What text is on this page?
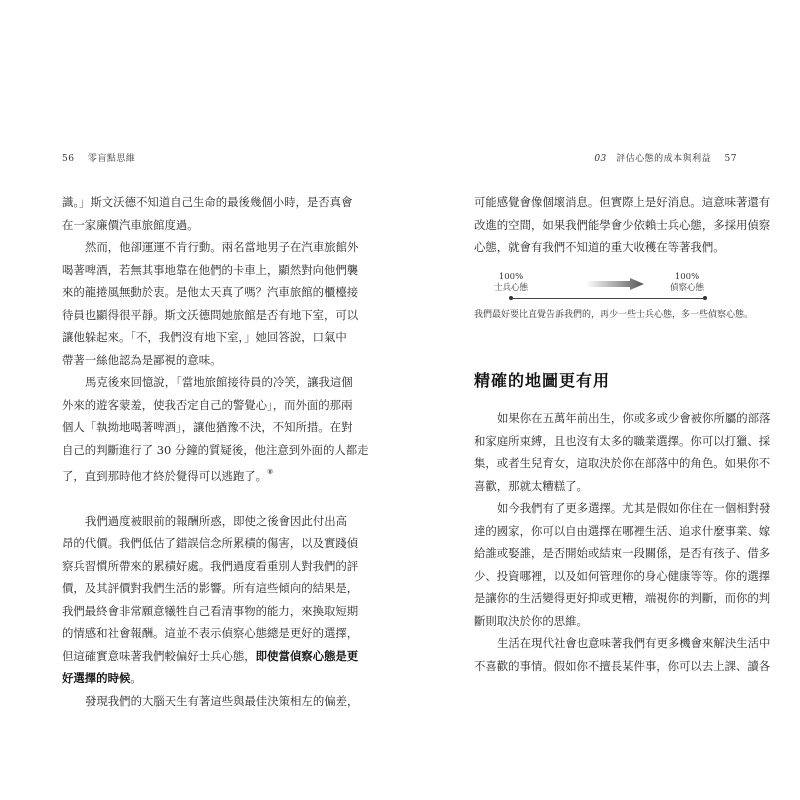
56 零盲點思維	03 評估心態的成本與利益 57

識。」斯文沃德不知道自己生命的最後幾個小時，是否真會

在一家廉價汽車旅館度過。

然而，他卻運運不肯行動。兩名當地男子在汽車旅館外

喝著啤酒，若無其事地靠在他們的卡車上，顯然對向他們襲

來的龍捲風無動於衷。是他太天真了嗎？汽車旅館的櫃檯接

待員也顯得很平靜。斯文沃德問她旅館是否有地下室，可以

讓他躲起來。「不，我們沒有地下室，」她回答說，口氣中

帶著一絲他認為是鄙視的意味。

馬克後來回憶說，「當地旅館接待員的冷笑，讓我這個

外來的遊客蒙羞，使我否定自己的警覺心」，而外面的那兩

個人「執拗地喝著啤酒」，讓他猶豫不決，不知所措。在對

自己的判斷進行了 30 分鐘的質疑後，他注意到外面的人都走

了，直到那時他才終於覺得可以逃跑了。⑧

我們過度被眼前的報酬所惑，即使之後會因此付出高

昂的代價。我們低估了錯誤信念所累積的傷害，以及實踐偵

察兵習慣所帶來的累積好處。我們過度看重別人對我們的評

價，及其評價對我們生活的影響。所有這些傾向的結果是，

我們最終會非常願意犧牲自己看清事物的能力，來換取短期

的情感和社會報酬。這並不表示偵察心態總是更好的選擇，

但這確實意味著我們較偏好士兵心態，即使當偵察心態是更

好選擇的時候。

發現我們的大腦天生有著這些與最佳決策相左的偏差，

可能感覺會像個壞消息。但實際上是好消息。這意味著還有

改進的空間，如果我們能學會少依賴士兵心態，多採用偵察

心態，就會有我們不知道的重大收穫在等著我們。

100%
士兵心態
100%
偵察心態
我們最好要比直覺告訴我們的，再少一些士兵心態，多一些偵察心態。
精確的地圖更有用

如果你在五萬年前出生，你或多或少會被你所屬的部落

和家庭所束縛，且也沒有太多的職業選擇。你可以打獵、採

集，或者生兒育女，這取決於你在部落中的角色。如果你不

喜歡，那就太糟糕了。

如今我們有了更多選擇。尤其是假如你住在一個相對發

達的國家，你可以自由選擇在哪裡生活、追求什麼事業、嫁

給誰或娶誰，是否開始或結束一段關係，是否有孩子、借多

少、投資哪裡，以及如何管理你的身心健康等等。你的選擇

是讓你的生活變得更好抑或更糟，端視你的判斷，而你的判

斷則取決於你的思維。

生活在現代社會也意味著我們有更多機會來解決生活中

不喜歡的事情。假如你不擅長某件事，你可以去上課、讀各
